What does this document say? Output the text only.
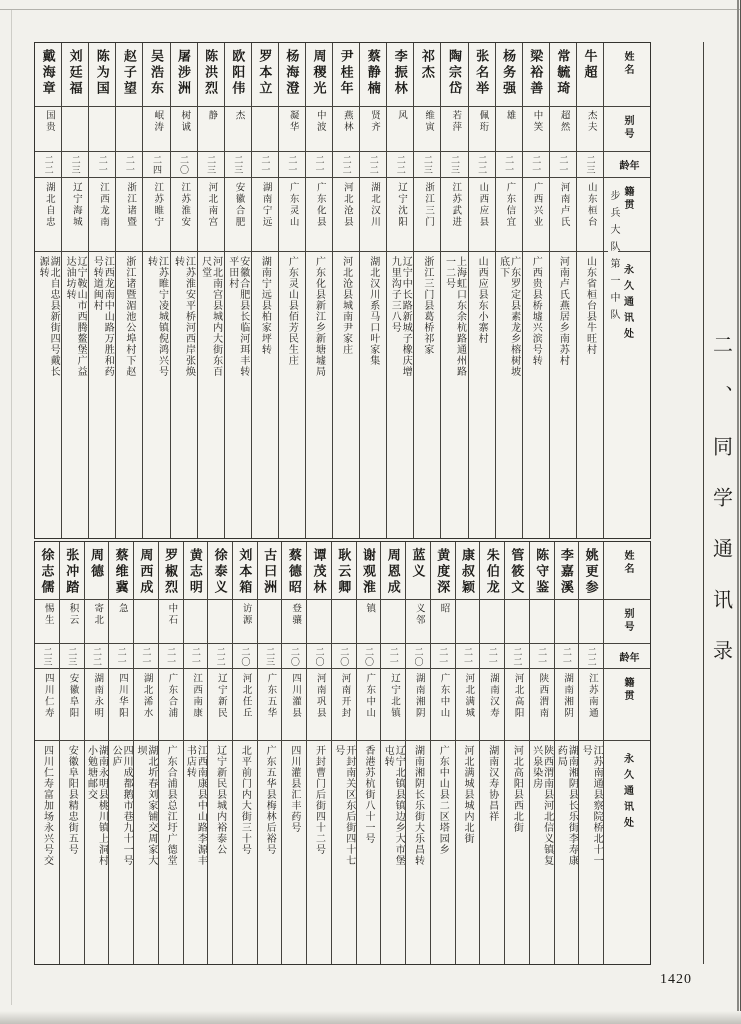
姓名
别号
年龄
籍贯
永久通讯处
步兵大队第一中队
牛超
杰夫
二三
山东桓台
山东省桓台县牛旺村
常毓琦
超然
二一
河南卢氏
河南卢氏燕居乡南苏村
梁裕善
中笑
二一
广西兴业
广西贵县桥墟兴滨号转
杨务强
雄
二一
广东信宜
广东罗定县素龙乡榕树坡底下
张名举
佩珩
二二
山西应县
山西应县东小寨村
陶宗岱
若萍
二三
江苏武进
上海虹口东余杭路通州路一二号
祁杰
维寅
二三
浙江三门
浙江三门县葛桥祁家
李振林
风
二二
辽宁沈阳
辽宁中长路新城子橡庆增九里沟子三八号
蔡静楠
贤齐
二二
湖北汉川
湖北汉川系马口叶家集
尹桂年
燕林
二二
河北沧县
河北沧县城南尹家庄
周稷光
中波
二一
广东化县
广东化县新江乡新塘墟局
杨海澄
凝华
二一
广东灵山
广东灵山县佰芳民生庄
罗本立
二一
湖南宁远
湖南宁远县柏家坪转
欧阳伟
杰
二三
安徽合肥
安徽合肥县长临河珥丰转平田村
陈洪烈
静
二三
河北南宫
河北南宫县城内大街东百尺堂
屠涉洲
树诚
二〇
江苏淮安
江苏淮安平桥河西岸张焕转
吴浩东
岷涛
二四
江苏睢宁
江苏睢宁凌城镇倪鸿兴号转
赵子望
二一
浙江诸暨
浙江诸暨湄池公埠村下赵
陈为国
二一
江西龙南
江西龙南中山路万胜和药号转道闽村
刘廷福
二三
辽宁海城
辽宁鞍山市西腾鳌堡广益达油坊转
戴海章
国贵
二二
湖北自忠
湖北自忠县新街四号戴长源转
姓名
别号
年龄
籍贯
永久通讯处
姚更参
二二
江苏南通
江苏南通县察院桥北十一号
李嘉溪
二一
湖南湘阴
湖南湘阴县长乐街李寿康药局
陈守鉴
二一
陕西渭南
陕西渭南县河北信义镇复兴泉染房
管筱文
二二
河北高阳
河北高阳县西北街
朱伯龙
二一
湖南汉寿
湖南汉寿协昌祥
康叔颖
二一
河北满城
河北满城县城内北街
黄度深
昭
二一
广东中山
广东中山县二区塔园乡
蓝义
义邻
二〇
湖南湘阴
湖南湘阴长乐街大乐昌转
周恩成
二一
辽宁北镇
辽宁北镇县镇边乡大市堡屯转
谢观淮
镇
二〇
广东中山
香港苏杭街八十一号
耿云卿
二〇
河南开封
开封南关区东后街四十七号
谭茂林
二〇
河南巩县
开封曹门后街四十二号
蔡德昭
登骧
二〇
四川灌县
四川灌县汇丰药号
古曰洲
二三
广东五华
广东五华县梅林后裕号
刘本箱
访源
二〇
河北任丘
北平前门内大街三十号
徐泰义
二二
辽宁新民
辽宁新民县城内裕泰公
黄志明
二一
江西南康
江西南康县中山路李源丰书店转
罗椒烈
中石
二一
广东合浦
广东合浦县总江圩广德堂
周西成
二一
湖北浠水
湖北圻春刘家铺交周家大坝
蔡维冀
急
二一
四川华阳
四川成都鹅市巷九十一号公庐
周德
寄北
二二
湖南永明
湖南永明县桃川镇上洞村小勉塘邮交
张冲踏
积云
二三
安徽阜阳
安徽阜阳县精忠街五号
徐志儒
惕生
二三
四川仁寿
四川仁寿富加场永兴号交
二、同学通讯录
1420
